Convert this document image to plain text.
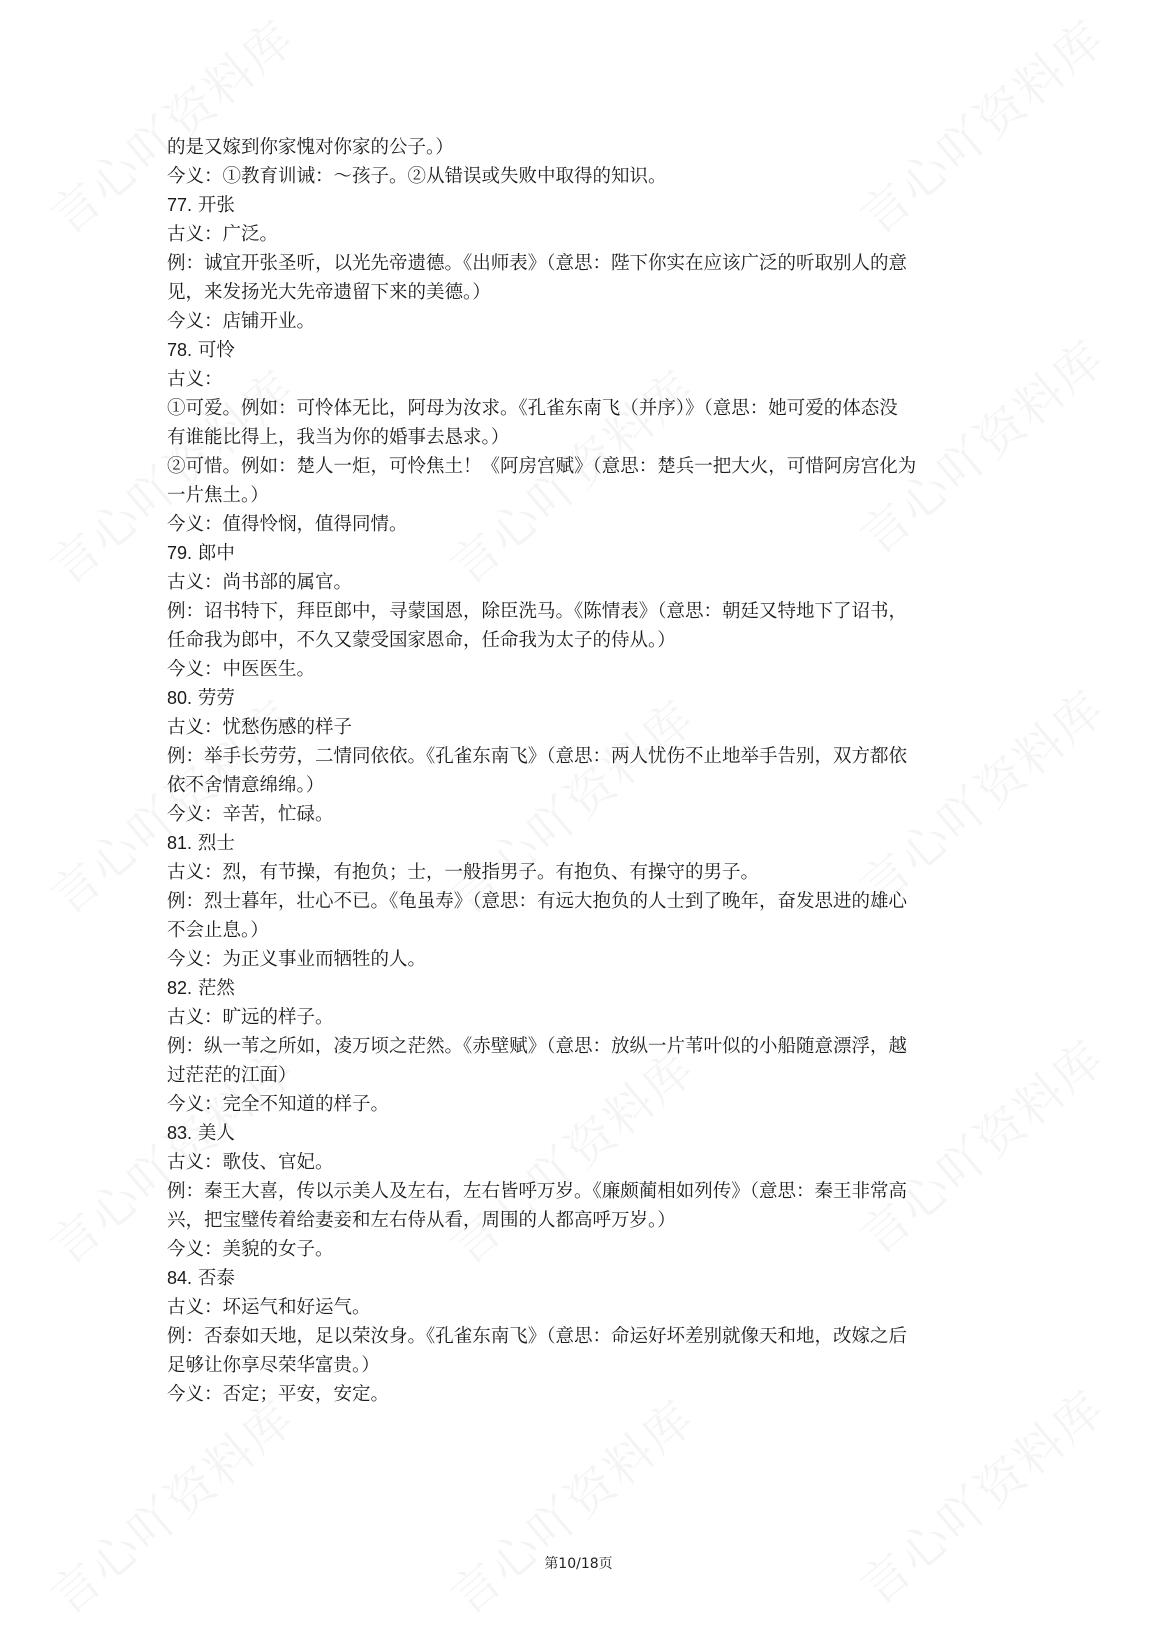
的是又嫁到你家愧对你家的公子。）
今义：①教育训诫：～孩子。②从错误或失败中取得的知识。
77. 开张
古义：广泛。
例：诚宜开张圣听，以光先帝遗德。《出师表》（意思：陛下你实在应该广泛的听取别人的意
见，来发扬光大先帝遗留下来的美德。）
今义：店铺开业。
78. 可怜
古义：
①可爱。例如：可怜体无比，阿母为汝求。《孔雀东南飞（并序）》（意思：她可爱的体态没
有谁能比得上，我当为你的婚事去恳求。）
②可惜。例如：楚人一炬，可怜焦土！《阿房宫赋》（意思：楚兵一把大火，可惜阿房宫化为
一片焦土。）
今义：值得怜悯，值得同情。
79. 郎中
古义：尚书部的属官。
例：诏书特下，拜臣郎中，寻蒙国恩，除臣洗马。《陈情表》（意思：朝廷又特地下了诏书，
任命我为郎中，不久又蒙受国家恩命，任命我为太子的侍从。）
今义：中医医生。
80. 劳劳
古义：忧愁伤感的样子
例：举手长劳劳，二情同依依。《孔雀东南飞》（意思：两人忧伤不止地举手告别，双方都依
依不舍情意绵绵。）
今义：辛苦，忙碌。
81. 烈士
古义：烈，有节操，有抱负；士，一般指男子。有抱负、有操守的男子。
例：烈士暮年，壮心不已。《龟虽寿》（意思：有远大抱负的人士到了晚年，奋发思进的雄心
不会止息。）
今义：为正义事业而牺牲的人。
82. 茫然
古义：旷远的样子。
例：纵一苇之所如，凌万顷之茫然。《赤壁赋》（意思：放纵一片苇叶似的小船随意漂浮，越
过茫茫的江面）
今义：完全不知道的样子。
83. 美人
古义：歌伎、官妃。
例：秦王大喜，传以示美人及左右，左右皆呼万岁。《廉颇蔺相如列传》（意思：秦王非常高
兴，把宝璧传着给妻妾和左右侍从看，周围的人都高呼万岁。）
今义：美貌的女子。
84. 否泰
古义：坏运气和好运气。
例：否泰如天地，足以荣汝身。《孔雀东南飞》（意思：命运好坏差别就像天和地，改嫁之后
足够让你享尽荣华富贵。）
今义：否定；平安，安定。
第10/18页
